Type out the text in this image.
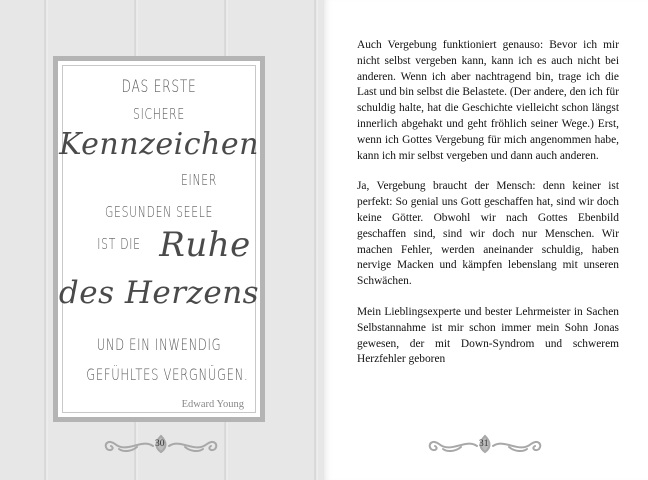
DAS ERSTE
SICHERE
Kennzeichen
EINER
GESUNDEN SEELE
IST DIE Ruhe
des Herzens
UND EIN INWENDIG
GEFÜHLTES VERGNÜGEN.
Edward Young
30

Auch Vergebung funktioniert genauso: Bevor ich mir nicht selbst vergeben kann, kann ich es auch nicht bei anderen. Wenn ich aber nachtragend bin, trage ich die Last und bin selbst die Belastete. (Der andere, den ich für schuldig halte, hat die Geschichte vielleicht schon längst innerlich abgehakt und geht fröhlich seiner Wege.) Erst, wenn ich Gottes Vergebung für mich angenommen habe, kann ich mir selbst vergeben und dann auch anderen.

Ja, Vergebung braucht der Mensch: denn keiner ist perfekt: So genial uns Gott geschaffen hat, sind wir doch keine Götter. Obwohl wir nach Gottes Ebenbild geschaffen sind, sind wir doch nur Menschen. Wir machen Fehler, werden aneinander schuldig, haben nervige Macken und kämpfen lebenslang mit unseren Schwächen.

Mein Lieblingsexperte und bester Lehrmeister in Sachen Selbstannahme ist mir schon immer mein Sohn Jonas gewesen, der mit Down-Syndrom und schwerem Herzfehler geboren

31
